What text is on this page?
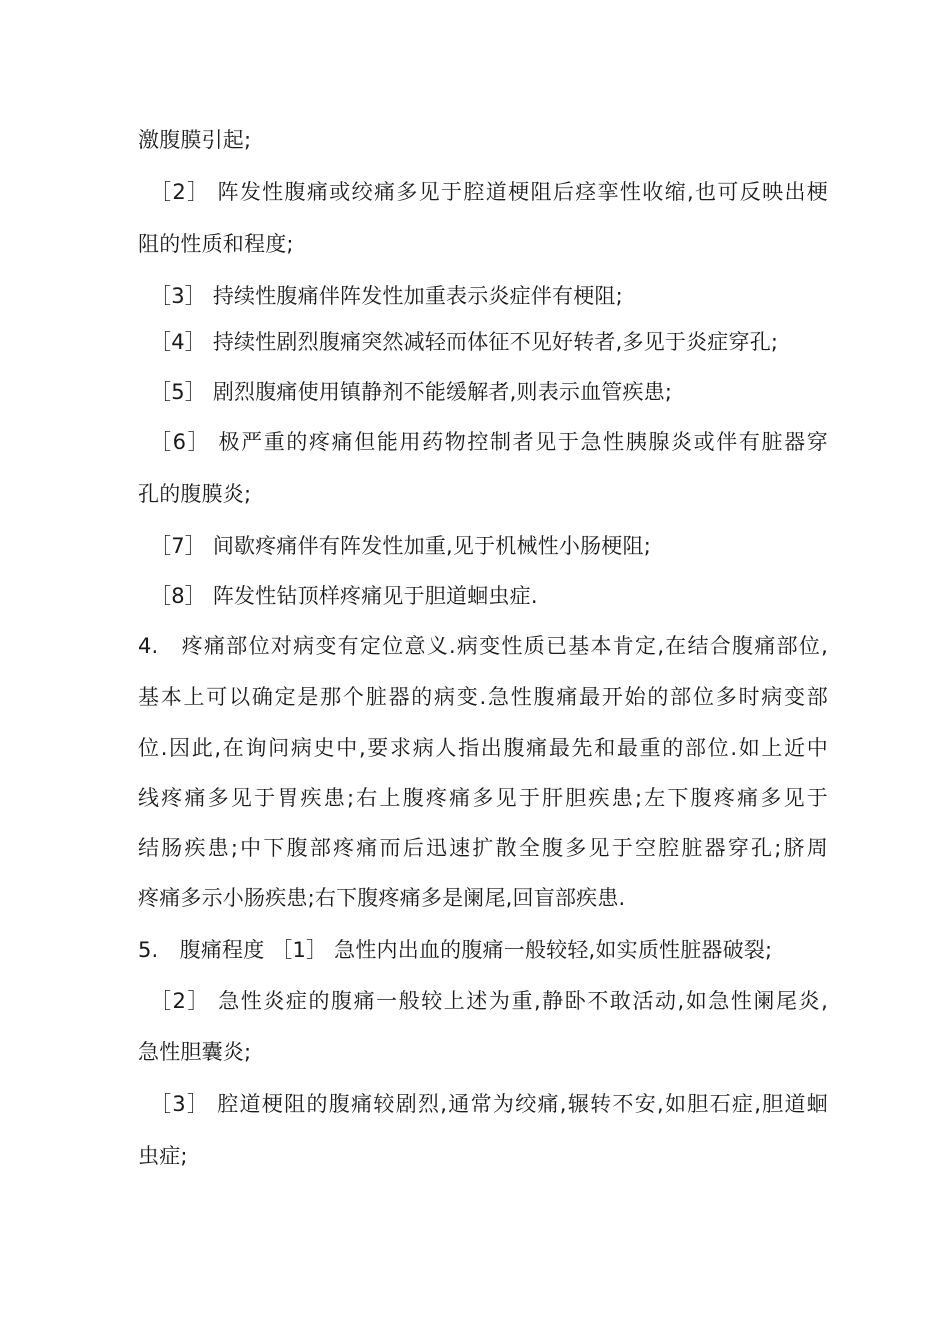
激腹膜引起;
［2］ 阵发性腹痛或绞痛多见于腔道梗阻后痉挛性收缩,也可反映出梗
阻的性质和程度;
［3］ 持续性腹痛伴阵发性加重表示炎症伴有梗阻;
［4］ 持续性剧烈腹痛突然减轻而体征不见好转者,多见于炎症穿孔;
［5］ 剧烈腹痛使用镇静剂不能缓解者,则表示血管疾患;
［6］ 极严重的疼痛但能用药物控制者见于急性胰腺炎或伴有脏器穿
孔的腹膜炎;
［7］ 间歇疼痛伴有阵发性加重,见于机械性小肠梗阻;
［8］ 阵发性钻顶样疼痛见于胆道蛔虫症.
4.　疼痛部位对病变有定位意义.病变性质已基本肯定,在结合腹痛部位,
基本上可以确定是那个脏器的病变.急性腹痛最开始的部位多时病变部
位.因此,在询问病史中,要求病人指出腹痛最先和最重的部位.如上近中
线疼痛多见于胃疾患;右上腹疼痛多见于肝胆疾患;左下腹疼痛多见于
结肠疾患;中下腹部疼痛而后迅速扩散全腹多见于空腔脏器穿孔;脐周
疼痛多示小肠疾患;右下腹疼痛多是阑尾,回盲部疾患.
5.　腹痛程度 ［1］ 急性内出血的腹痛一般较轻,如实质性脏器破裂;
［2］ 急性炎症的腹痛一般较上述为重,静卧不敢活动,如急性阑尾炎,
急性胆囊炎;
［3］ 腔道梗阻的腹痛较剧烈,通常为绞痛,辗转不安,如胆石症,胆道蛔
虫症;
